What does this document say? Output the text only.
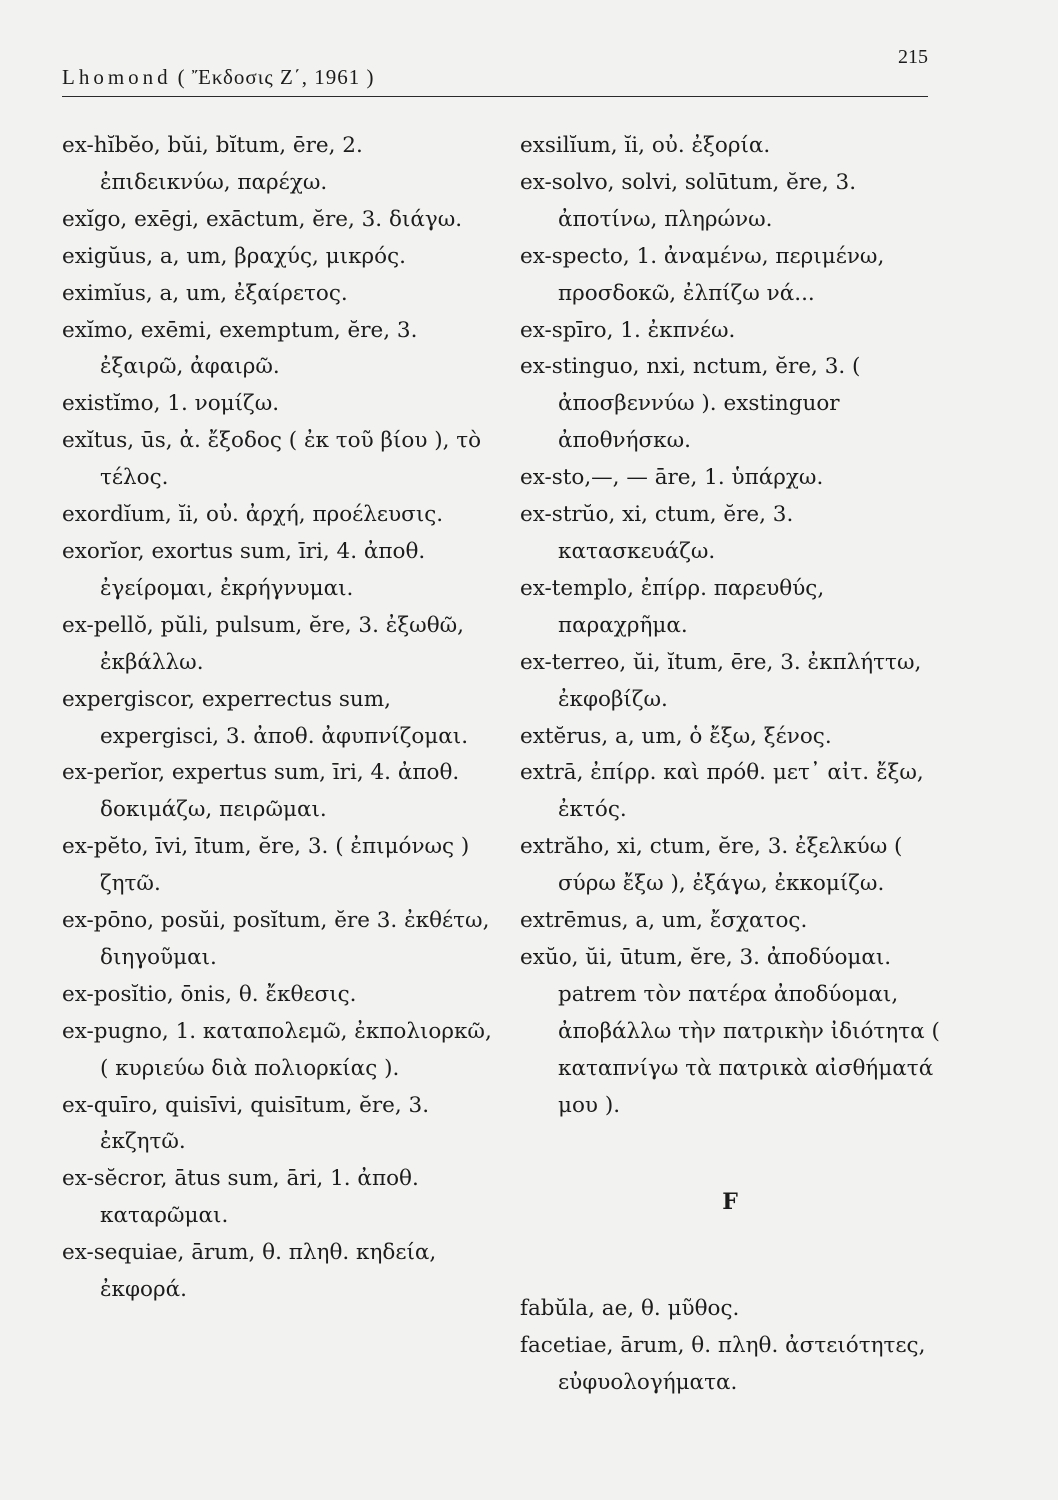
Lhomond ( Ἔκδοσις Ζ΄, 1961 )
215

ex-hĭbĕo, bŭi, bĭtum, ēre, 2. ἐπιδεικνύω, παρέχω.

exĭgo, exēgi, exāctum, ĕre, 3. διάγω.

exigŭus, a, um, βραχύς, μικρός.

eximĭus, a, um, ἐξαίρετος.

exĭmo, exēmi, exemptum, ĕre, 3. ἐξαιρῶ, ἀφαιρῶ.

existĭmo, 1. νομίζω.

exĭtus, ūs, ἀ. ἔξοδος ( ἐκ τοῦ βίου ), τὸ τέλος.

exordĭum, ĭi, οὐ. ἀρχή, προέλευσις.

exorĭor, exortus sum, īri, 4. ἀποθ. ἐγείρομαι, ἐκρήγνυμαι.

ex-pellŏ, pŭli, pulsum, ĕre, 3. ἐξωθῶ, ἐκβάλλω.

expergiscor, experrectus sum, expergisci, 3. ἀποθ. ἀφυπνίζομαι.

ex-perĭor, expertus sum, īri, 4. ἀποθ. δοκιμάζω, πειρῶμαι.

ex-pĕto, īvi, ītum, ĕre, 3. ( ἐπιμόνως ) ζητῶ.

ex-pōno, posŭi, posĭtum, ĕre 3. ἐκθέτω, διηγοῦμαι.

ex-posĭtio, ōnis, θ. ἔκθεσις.

ex-pugno, 1. καταπολεμῶ, ἐκπολιορκῶ, ( κυριεύω διὰ πολιορκίας ).

ex-quīro, quisīvi, quisītum, ĕre, 3. ἐκζητῶ.

ex-sĕcror, ātus sum, āri, 1. ἀποθ. καταρῶμαι.

ex-sequiae, ārum, θ. πληθ. κηδεία, ἐκφορά.

exsilĭum, ĭi, οὐ. ἐξορία.

ex-solvo, solvi, solūtum, ĕre, 3. ἀποτίνω, πληρώνω.

ex-specto, 1. ἀναμένω, περιμένω, προσδοκῶ, ἐλπίζω νά...

ex-spīro, 1. ἐκπνέω.

ex-stinguo, nxi, nctum, ĕre, 3. ( ἀποσβεννύω ). exstinguor ἀποθνήσκω.

ex-sto,—, — āre, 1. ὑπάρχω.

ex-strŭo, xi, ctum, ĕre, 3. κατασκευάζω.

ex-templo, ἐπίρρ. παρευθύς, παραχρῆμα.

ex-terreo, ŭi, ĭtum, ēre, 3. ἐκπλήττω, ἐκφοβίζω.

extĕrus, a, um, ὁ ἔξω, ξένος.

extrā, ἐπίρρ. καὶ πρόθ. μετ᾽ αἰτ. ἔξω, ἐκτός.

extrăho, xi, ctum, ĕre, 3. ἐξελκύω ( σύρω ἔξω ), ἐξάγω, ἐκκομίζω.

extrēmus, a, um, ἔσχατος.

exŭo, ŭi, ūtum, ĕre, 3. ἀποδύομαι. patrem τὸν πατέρα ἀποδύομαι, ἀποβάλλω τὴν πατρικὴν ἰδιότητα ( καταπνίγω τὰ πατρικὰ αἰσθήματά μου ).

F

fabŭla, ae, θ. μῦθος.

facetiae, ārum, θ. πληθ. ἀστειότητες, εὐφυολογήματα.
